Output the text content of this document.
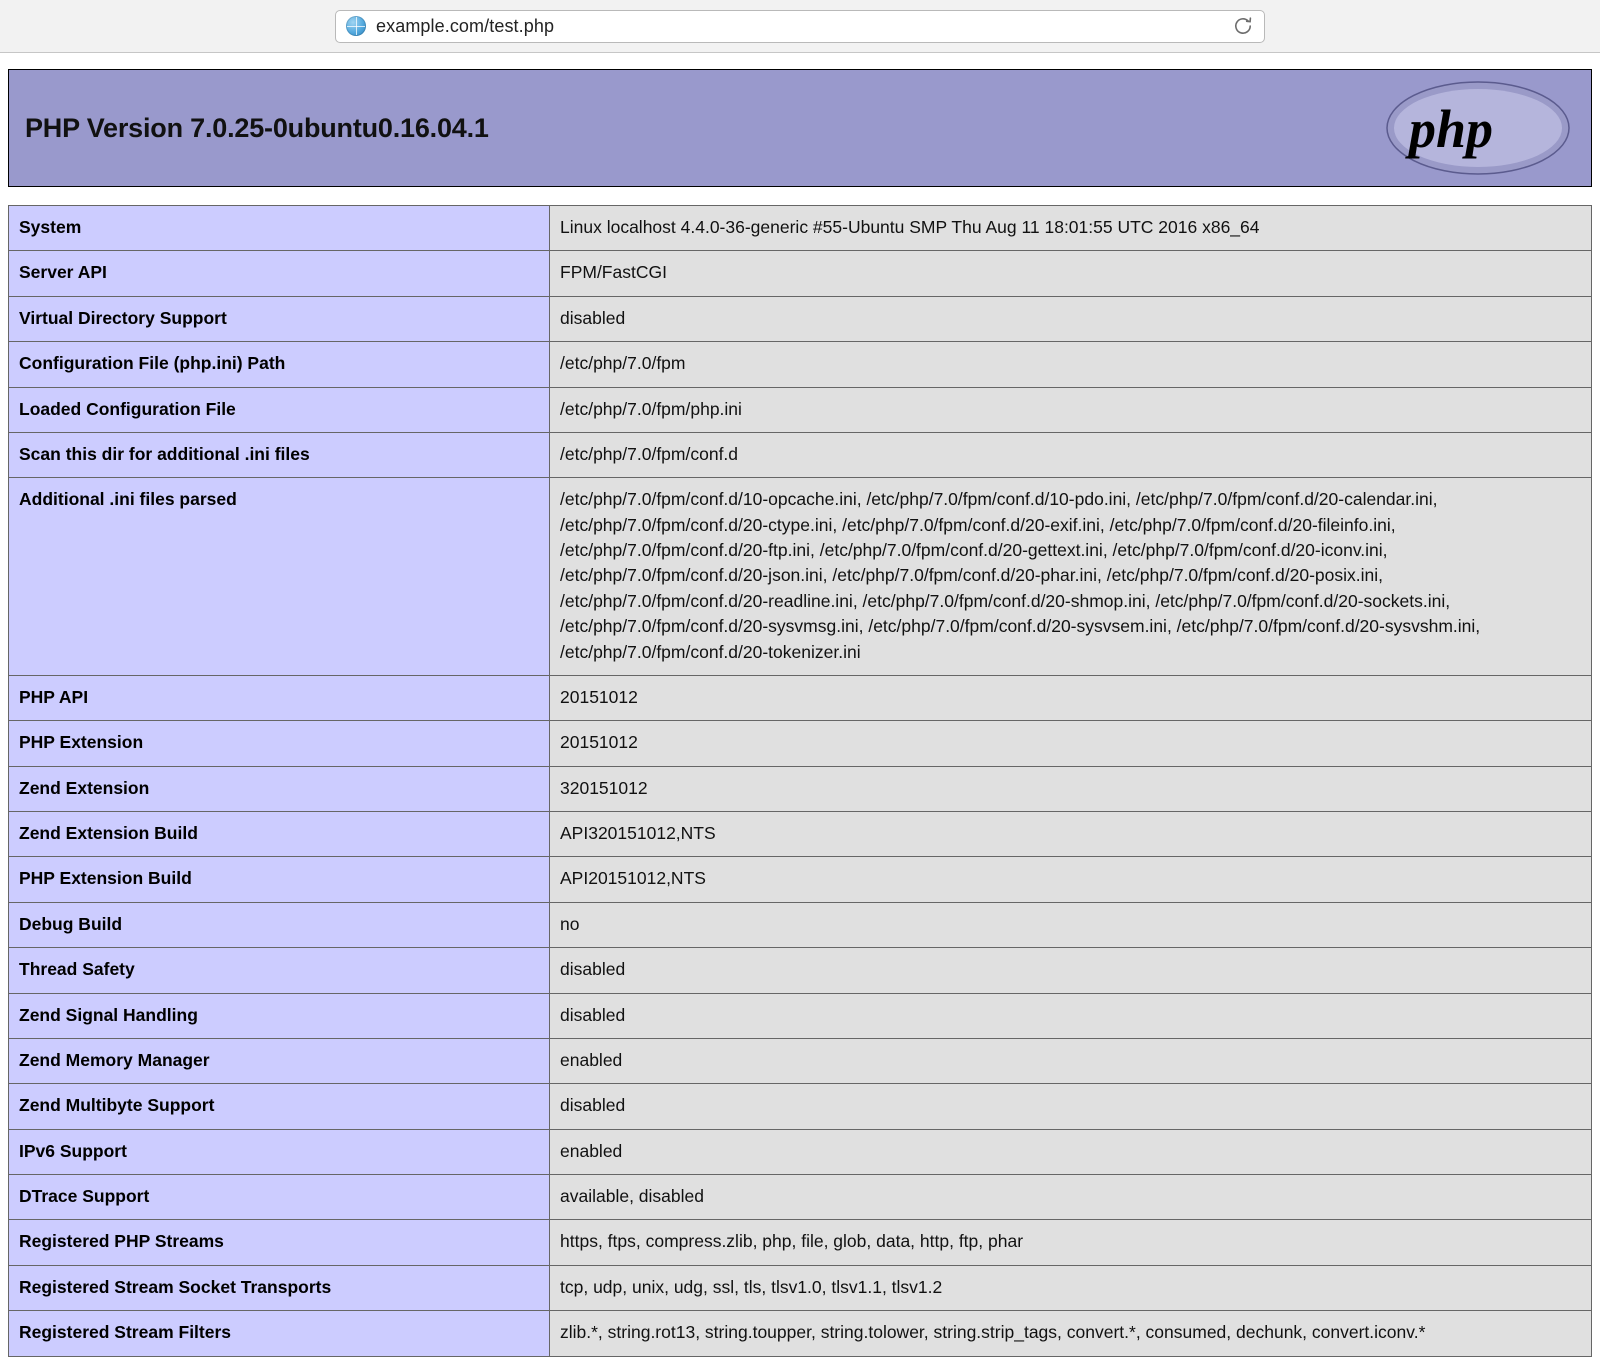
example.com/test.php
PHP Version 7.0.25-0ubuntu0.16.04.1	php
System	Linux localhost 4.4.0-36-generic #55-Ubuntu SMP Thu Aug 11 18:01:55 UTC 2016 x86_64
Server API	FPM/FastCGI
Virtual Directory Support	disabled
Configuration File (php.ini) Path	/etc/php/7.0/fpm
Loaded Configuration File	/etc/php/7.0/fpm/php.ini
Scan this dir for additional .ini files	/etc/php/7.0/fpm/conf.d
Additional .ini files parsed	/etc/php/7.0/fpm/conf.d/10-opcache.ini, /etc/php/7.0/fpm/conf.d/10-pdo.ini, /etc/php/7.0/fpm/conf.d/20-calendar.ini, /etc/php/7.0/fpm/conf.d/20-ctype.ini, /etc/php/7.0/fpm/conf.d/20-exif.ini, /etc/php/7.0/fpm/conf.d/20-fileinfo.ini, /etc/php/7.0/fpm/conf.d/20-ftp.ini, /etc/php/7.0/fpm/conf.d/20-gettext.ini, /etc/php/7.0/fpm/conf.d/20-iconv.ini, /etc/php/7.0/fpm/conf.d/20-json.ini, /etc/php/7.0/fpm/conf.d/20-phar.ini, /etc/php/7.0/fpm/conf.d/20-posix.ini, /etc/php/7.0/fpm/conf.d/20-readline.ini, /etc/php/7.0/fpm/conf.d/20-shmop.ini, /etc/php/7.0/fpm/conf.d/20-sockets.ini, /etc/php/7.0/fpm/conf.d/20-sysvmsg.ini, /etc/php/7.0/fpm/conf.d/20-sysvsem.ini, /etc/php/7.0/fpm/conf.d/20-sysvshm.ini, /etc/php/7.0/fpm/conf.d/20-tokenizer.ini
PHP API	20151012
PHP Extension	20151012
Zend Extension	320151012
Zend Extension Build	API320151012,NTS
PHP Extension Build	API20151012,NTS
Debug Build	no
Thread Safety	disabled
Zend Signal Handling	disabled
Zend Memory Manager	enabled
Zend Multibyte Support	disabled
IPv6 Support	enabled
DTrace Support	available, disabled
Registered PHP Streams	https, ftps, compress.zlib, php, file, glob, data, http, ftp, phar
Registered Stream Socket Transports	tcp, udp, unix, udg, ssl, tls, tlsv1.0, tlsv1.1, tlsv1.2
Registered Stream Filters	zlib.*, string.rot13, string.toupper, string.tolower, string.strip_tags, convert.*, consumed, dechunk, convert.iconv.*
